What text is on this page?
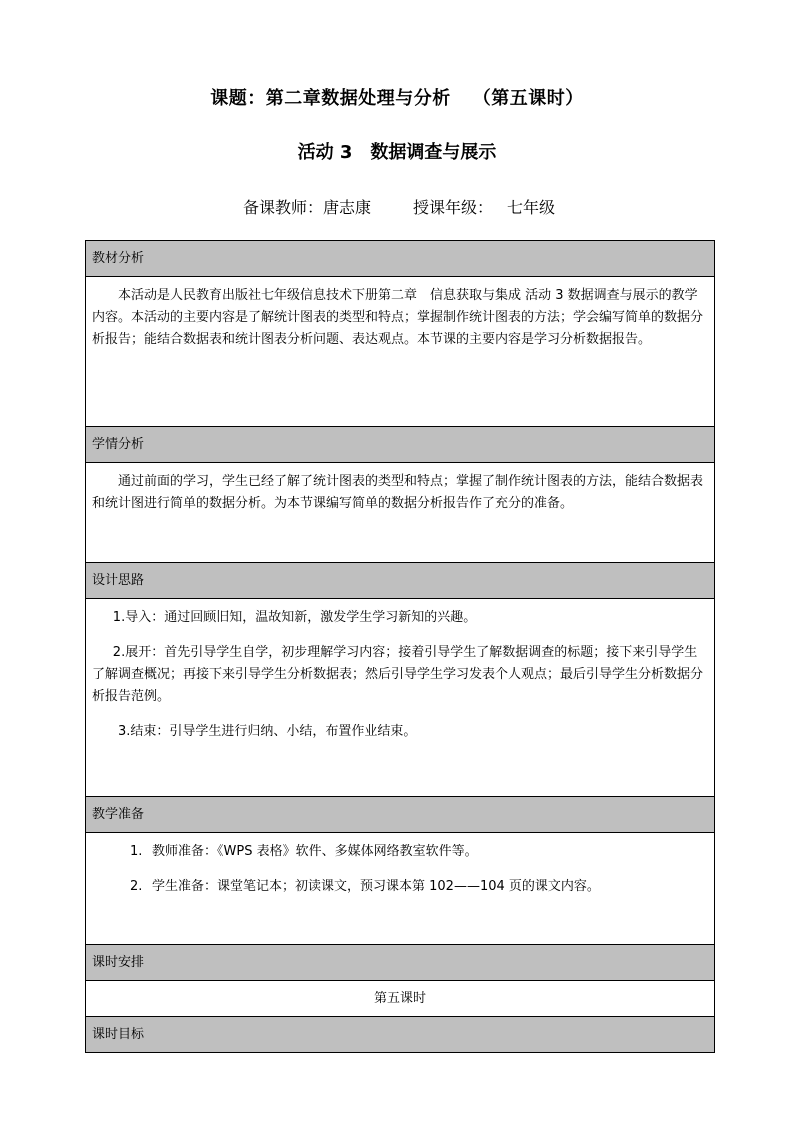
课题：第二章数据处理与分析 （第五课时）
活动 3 数据调查与展示
备课教师：唐志康	授课年级： 七年级
教材分析

本活动是人民教育出版社七年级信息技术下册第二章　信息获取与集成 活动 3 数据调查与展示的教学内容。本活动的主要内容是了解统计图表的类型和特点；掌握制作统计图表的方法；学会编写简单的数据分析报告；能结合数据表和统计图表分析问题、表达观点。本节课的主要内容是学习分析数据报告。

学情分析

通过前面的学习，学生已经了解了统计图表的类型和特点；掌握了制作统计图表的方法，能结合数据表和统计图进行简单的数据分析。为本节课编写简单的数据分析报告作了充分的准备。

设计思路

1.导入：通过回顾旧知，温故知新，激发学生学习新知的兴趣。

2.展开：首先引导学生自学，初步理解学习内容；接着引导学生了解数据调查的标题；接下来引导学生了解调查概况；再接下来引导学生分析数据表；然后引导学生学习发表个人观点；最后引导学生分析数据分析报告范例。

3.结束：引导学生进行归纳、小结，布置作业结束。

教学准备

1. 教师准备：《WPS 表格》软件、多媒体网络教室软件等。

2. 学生准备：课堂笔记本；初读课文，预习课本第 102——104 页的课文内容。

课时安排
第五课时
课时目标
